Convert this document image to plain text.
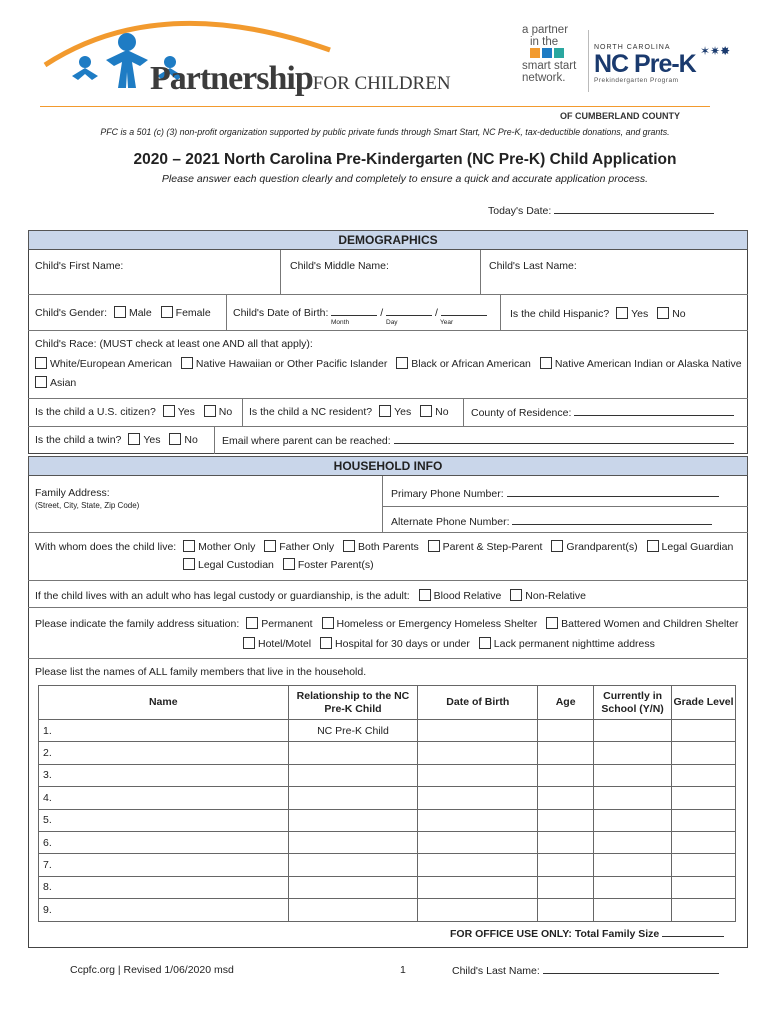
PartnershipFOR CHILDREN
a partner
in the
smart start
network.
NORTH CAROLINA
NC Pre-K
Prekindergarten Program
✶✷✸
OF CUMBERLAND COUNTY
PFC is a 501 (c) (3) non-profit organization supported by public private funds through Smart Start, NC Pre-K, tax-deductible donations, and grants.
2020 – 2021 North Carolina Pre-Kindergarten (NC Pre-K) Child Application
Please answer each question clearly and completely to ensure a quick and accurate application process.
Today's Date:
DEMOGRAPHICS
Child's First Name:	Child's Middle Name:	Child's Last Name:
Child's Gender: Male Female	Child's Date of Birth:	/	/
Month	Day	Year
Is the child Hispanic? Yes No
Child's Race: (MUST check at least one AND all that apply):
White/European American Native Hawaiian or Other Pacific Islander Black or African American Native American Indian or Alaska Native
Asian
Is the child a U.S. citizen? Yes No	Is the child a NC resident? Yes No	County of Residence:
Is the child a twin? Yes No	Email where parent can be reached:
HOUSEHOLD INFO
Family Address:
(Street, City, State, Zip Code)
Primary Phone Number:
Alternate Phone Number:
With whom does the child live: Mother Only Father Only Both Parents Parent & Step-Parent Grandparent(s) Legal Guardian
Legal Custodian Foster Parent(s)
If the child lives with an adult who has legal custody or guardianship, is the adult: Blood Relative Non-Relative
Please indicate the family address situation: Permanent Homeless or Emergency Homeless Shelter Battered Women and Children Shelter
Hotel/Motel Hospital for 30 days or under Lack permanent nighttime address
Please list the names of ALL family members that live in the household.
Name	Relationship to the NC Pre-K Child	Date of Birth	Age	Currently in School (Y/N)	Grade Level
1.	NC Pre-K Child				
2.					
3.					
4.					
5.					
6.					
7.					
8.					
9.					
FOR OFFICE USE ONLY: Total Family Size
Ccpfc.org | Revised 1/06/2020 msd	1	Child's Last Name:
